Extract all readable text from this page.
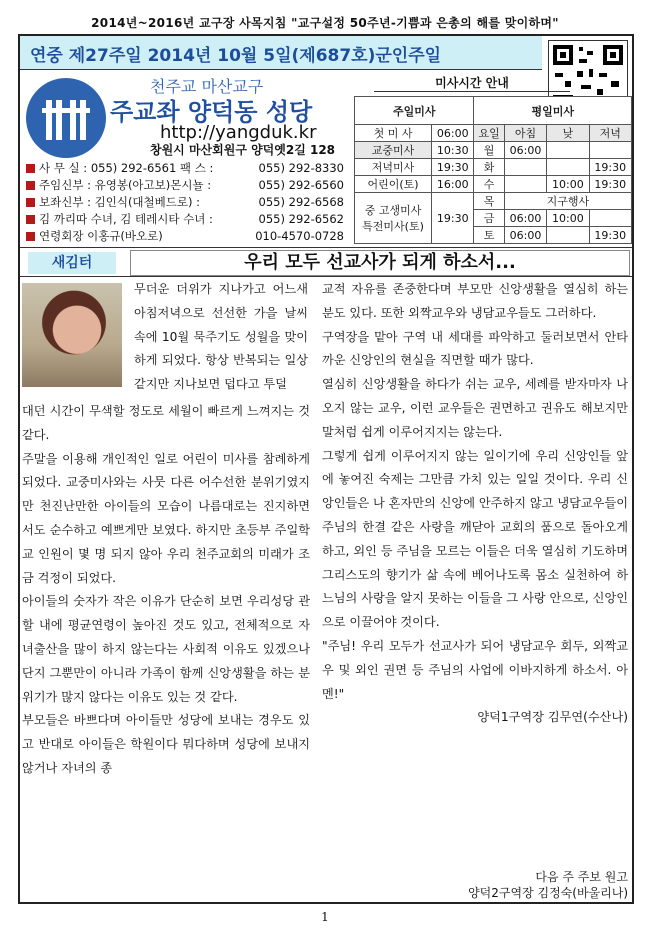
2014년~2016년 교구장 사목지침 "교구설정 50주년-기쁨과 은총의 해를 맞이하며"
연중 제27주일 2014년 10월 5일(제687호)군인주일
천주교 마산교구
주교좌 양덕동 성당
http://yangduk.kr
창원시 마산회원구 양덕옛2길 128
사 무 실 : 055) 292-6561 팩 스 :	055) 292-8330
주임신부 : 유영봉(아고보)몬시뇰 :	055) 292-6560
보좌신부 : 김인식(대철베드로) :	055) 292-6568
김 까리따 수녀, 김 테레시타 수녀 :	055) 292-6562
연령회장 이홍규(바오로)	010-4570-0728
미사시간 안내
주일미사		평일미사			
첫 미 사	06:00	요일	아침	낮	저녁
교중미사	10:30	월	06:00		
저녁미사	19:30	화			19:30
어린이(토)	16:00	수		10:00	19:30

중 고생미사
특전미사(토)	19:30	목	지구행사		
		금	06:00	10:00	
		토	06:00		19:30

새김터	우리 모두 선교사가 되게 하소서...

무더운 더위가 지나가고 어느새 아침저녁으로 선선한 가을 날씨 속에 10월 묵주기도 성월을 맞이하게 되었다. 항상 반복되는 일상 같지만 지나보면 덥다고 투덜

대던 시간이 무색할 정도로 세월이 빠르게 느껴지는 것 같다.

주말을 이용해 개인적인 일로 어린이 미사를 참례하게 되었다. 교중미사와는 사뭇 다른 어수선한 분위기였지만 천진난만한 아이들의 모습이 나름대로는 진지하면서도 순수하고 예쁘게만 보였다. 하지만 초등부 주일학교 인원이 몇 명 되지 않아 우리 천주교회의 미래가 조금 걱정이 되었다.

아이들의 숫자가 작은 이유가 단순히 보면 우리성당 관할 내에 평균연령이 높아진 것도 있고, 전체적으로 자녀출산을 많이 하지 않는다는 사회적 이유도 있겠으나 단지 그뿐만이 아니라 가족이 함께 신앙생활을 하는 분위기가 많지 않다는 이유도 있는 것 같다.

부모들은 바쁘다며 아이들만 성당에 보내는 경우도 있고 반대로 아이들은 학원이다 뭐다하며 성당에 보내지 않거나 자녀의 종

교적 자유를 존중한다며 부모만 신앙생활을 열심히 하는 분도 있다. 또한 외짝교우와 냉담교우들도 그러하다.

구역장을 맡아 구역 내 세대를 파악하고 둘러보면서 안타까운 신앙인의 현실을 직면할 때가 많다.

열심히 신앙생활을 하다가 쉬는 교우, 세례를 받자마자 나오지 않는 교우, 이런 교우들은 권면하고 권유도 해보지만 말처럼 쉽게 이루어지지는 않는다.

그렇게 쉽게 이루어지지 않는 일이기에 우리 신앙인들 앞에 놓여진 숙제는 그만큼 가치 있는 일일 것이다. 우리 신앙인들은 나 혼자만의 신앙에 안주하지 않고 냉담교우들이 주님의 한결 같은 사랑을 깨닫아 교회의 품으로 돌아오게 하고, 외인 등 주님을 모르는 이들은 더욱 열심히 기도하며 그리스도의 향기가 삶 속에 베어나도록 몸소 실천하여 하느님의 사랑을 알지 못하는 이들을 그 사랑 안으로, 신앙인으로 이끌어야 것이다.

"주님! 우리 모두가 선교사가 되어 냉담교우 회두, 외짝교우 및 외인 권면 등 주님의 사업에 이바지하게 하소서. 아멘!"

양덕1구역장 김무연(수산나)

다음 주 주보 원고
양덕2구역장 김정숙(바울리나)
1
